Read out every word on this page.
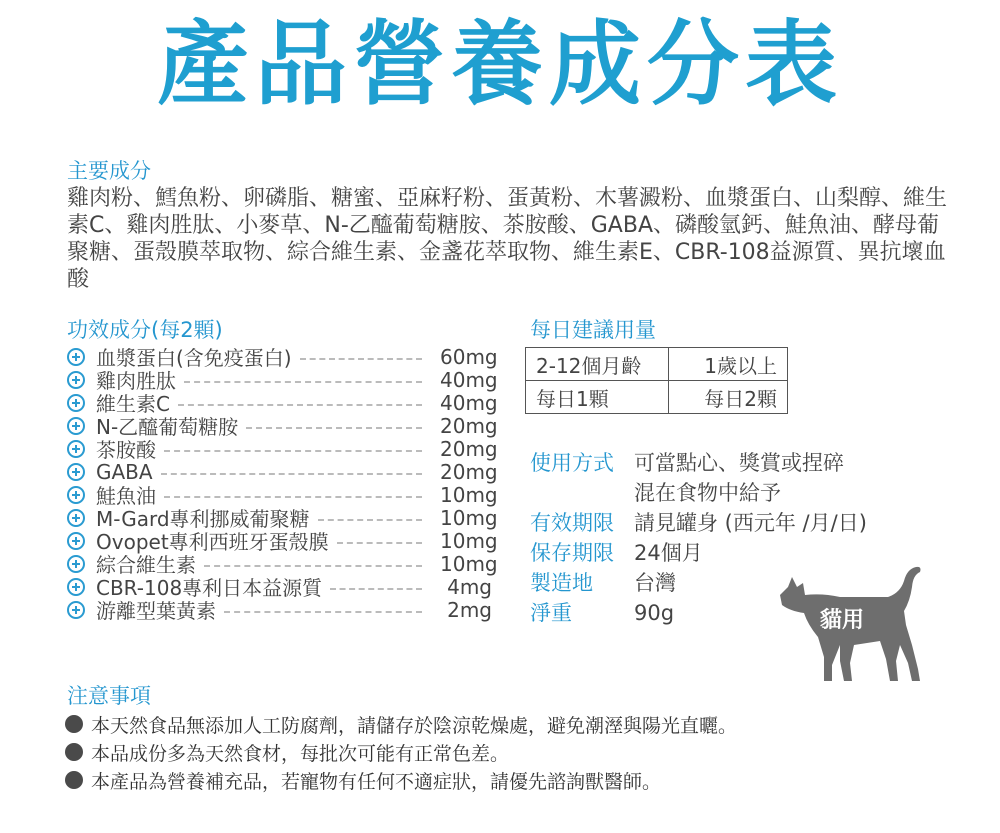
產品營養成分表
主要成分
雞肉粉、鱈魚粉、卵磷脂、糖蜜、亞麻籽粉、蛋黃粉、木薯澱粉、血漿蛋白、山梨醇、維生素C、雞肉胜肽、小麥草、N-乙醯葡萄糖胺、茶胺酸、GABA、磷酸氫鈣、鮭魚油、酵母葡聚糖、蛋殼膜萃取物、綜合維生素、金盞花萃取物、維生素E、CBR-108益源質、異抗壞血酸
功效成分(每2顆)
血漿蛋白(含免疫蛋白)	60mg
雞肉胜肽	40mg
維生素C	40mg
N-乙醯葡萄糖胺	20mg
茶胺酸	20mg
GABA	20mg
鮭魚油	10mg
M-Gard專利挪威葡聚糖	10mg
Ovopet專利西班牙蛋殼膜	10mg
綜合維生素	10mg
CBR-108專利日本益源質	4mg
游離型葉黃素	2mg
每日建議用量
2-12個月齡	1歲以上
每日1顆	每日2顆
使用方式 可當點心、獎賞或捏碎
混在食物中給予
有效期限 請見罐身 (西元年 /月/日)
保存期限 24個月
製造地	台灣
淨重	90g	貓用
注意事項
本天然食品無添加人工防腐劑，請儲存於陰涼乾燥處，避免潮溼與陽光直曬。
本品成份多為天然食材，每批次可能有正常色差。
本產品為營養補充品，若寵物有任何不適症狀，請優先諮詢獸醫師。
